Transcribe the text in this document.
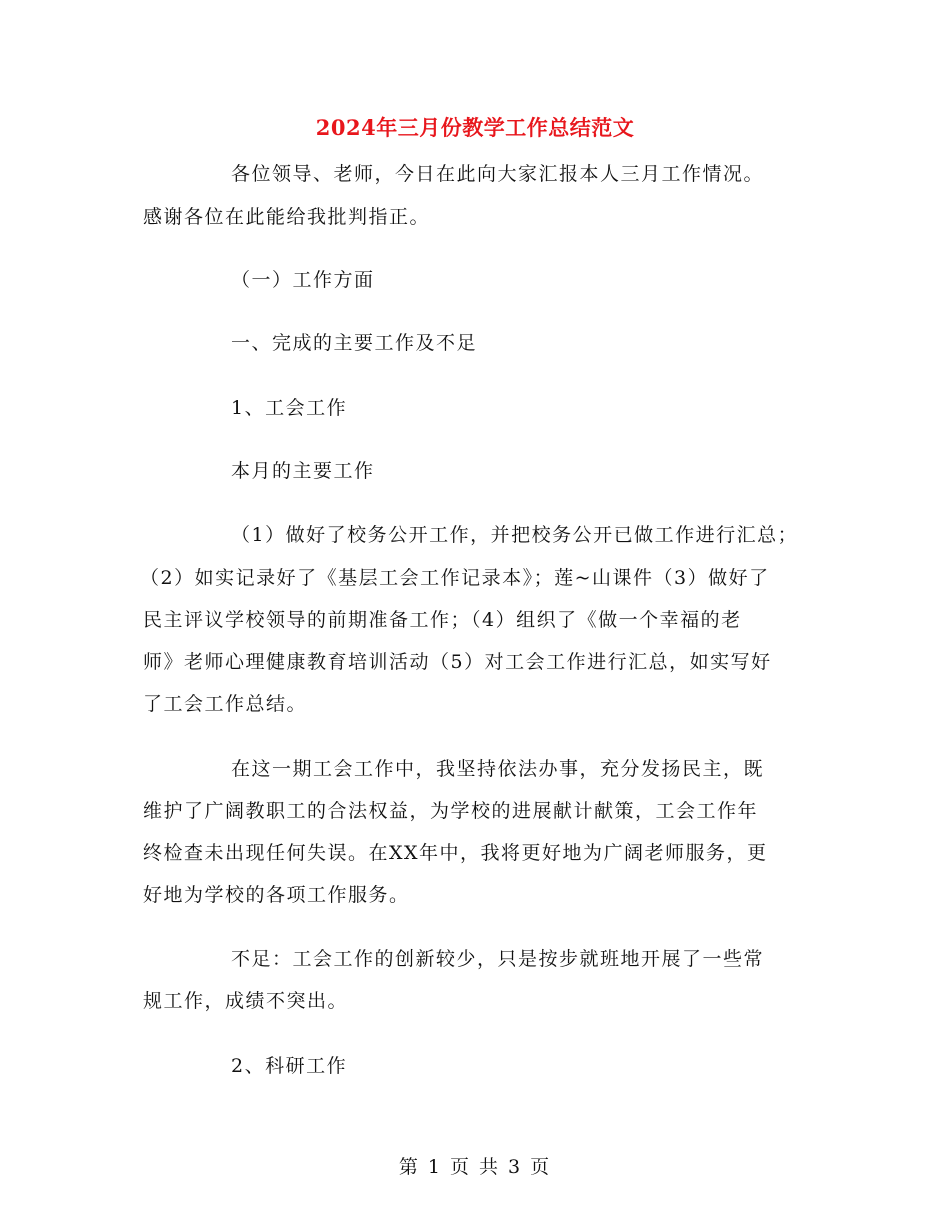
2024年三月份教学工作总结范文
各位领导、老师，今日在此向大家汇报本人三月工作情况。
感谢各位在此能给我批判指正。
（一）工作方面
一、完成的主要工作及不足
1、工会工作
本月的主要工作
（1）做好了校务公开工作，并把校务公开已做工作进行汇总；
（2）如实记录好了《基层工会工作记录本》；莲~山课件（3）做好了
民主评议学校领导的前期准备工作；（4）组织了《做一个幸福的老
师》老师心理健康教育培训活动（5）对工会工作进行汇总，如实写好
了工会工作总结。
在这一期工会工作中，我坚持依法办事，充分发扬民主，既
维护了广阔教职工的合法权益，为学校的进展献计献策，工会工作年
终检查未出现任何失误。在XX年中，我将更好地为广阔老师服务，更
好地为学校的各项工作服务。
不足：工会工作的创新较少，只是按步就班地开展了一些常
规工作，成绩不突出。
2、科研工作
第 1 页 共 3 页
